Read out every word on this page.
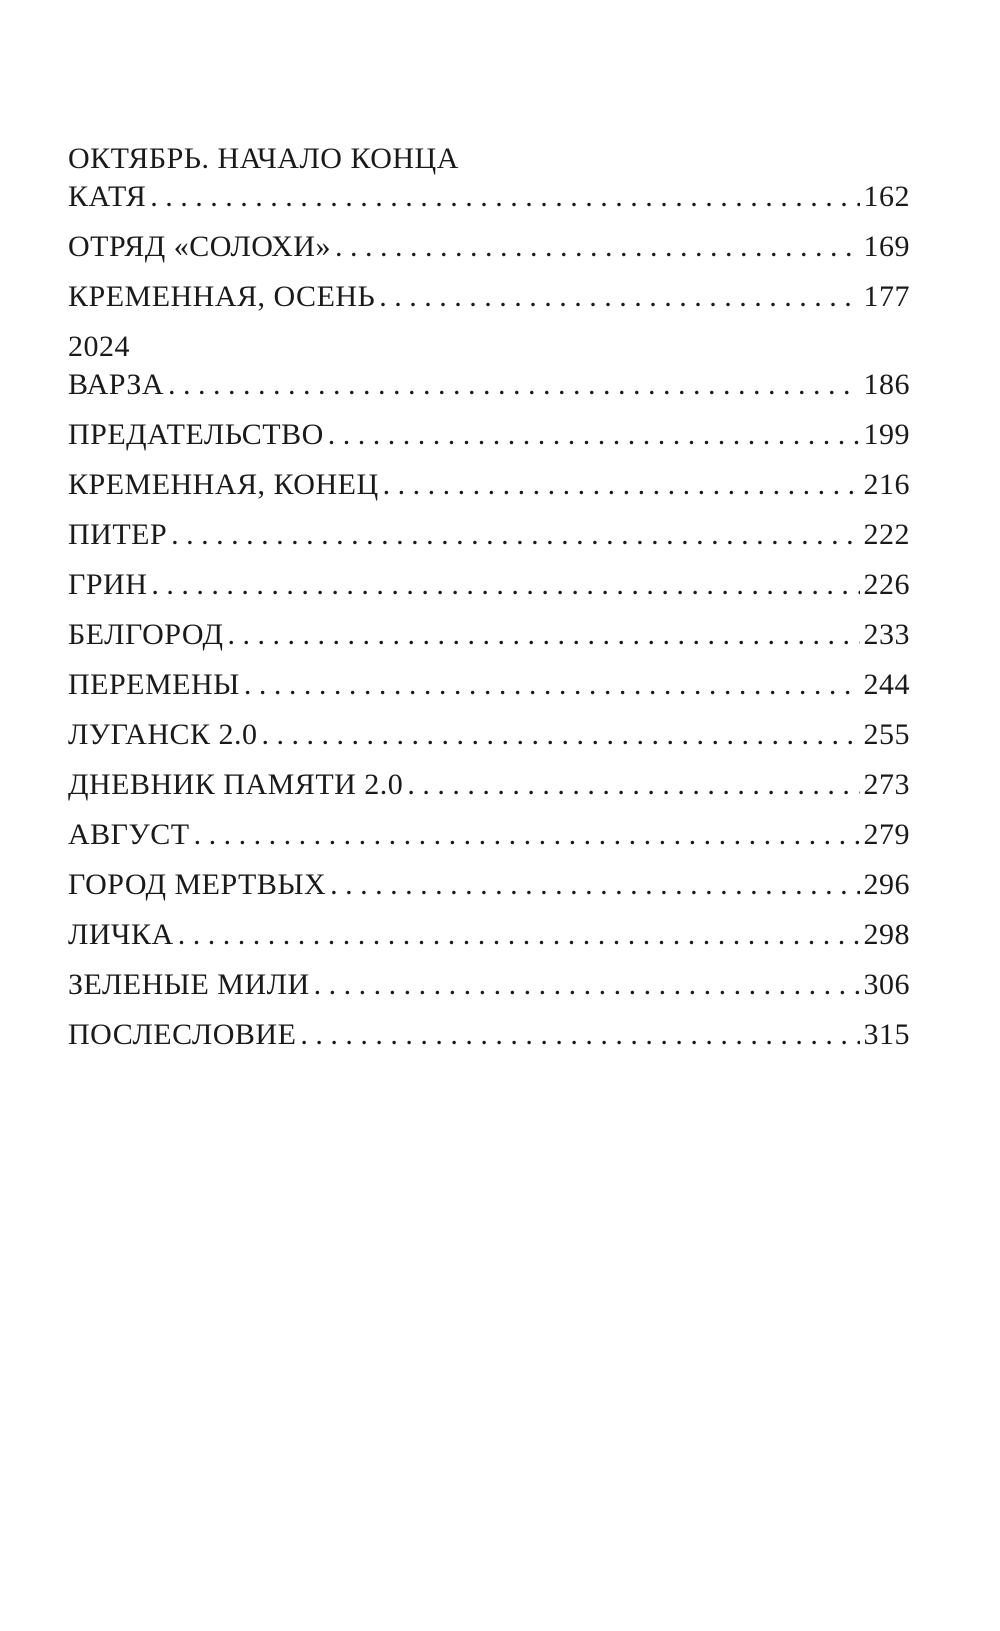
ОКТЯБРЬ. НАЧАЛО КОНЦА
КАТЯ . . .	162
ОТРЯД «СОЛОХИ» . . .	169
КРЕМЕННАЯ, ОСЕНЬ . . .	177
2024
ВАРЗА . . .	186
ПРЕДАТЕЛЬСТВО . . .	199
КРЕМЕННАЯ, КОНЕЦ . . .	216
ПИТЕР . . .	222
ГРИН . . .	226
БЕЛГОРОД . . .	233
ПЕРЕМЕНЫ . . .	244
ЛУГАНСК 2.0 . . .	255
ДНЕВНИК ПАМЯТИ 2.0 . . .	273
АВГУСТ . . .	279
ГОРОД МЕРТВЫХ . . .	296
ЛИЧКА . . .	298
ЗЕЛЕНЫЕ МИЛИ . . .	306
ПОСЛЕСЛОВИЕ . . .	315
